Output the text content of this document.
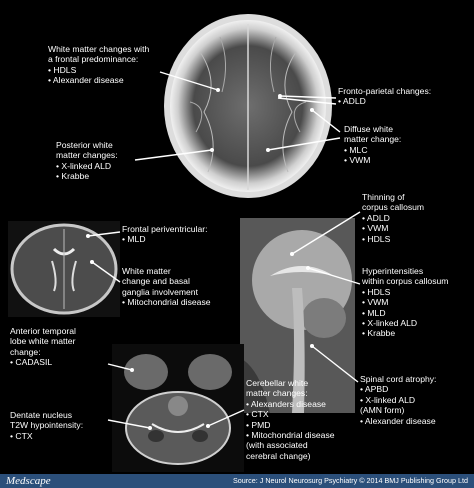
White matter changes with
a frontal predominance:
• HDLS
• Alexander disease
Fronto-parietal changes:
• ADLD
Diffuse white
matter change:
• MLC
• VWM
Posterior white
matter changes:
• X-linked ALD
• Krabbe
Frontal periventricular:
• MLD
White matter
change and basal
ganglia involvement
• Mitochondrial disease
Thinning of
corpus callosum
• ADLD
• VWM
• HDLS
Hyperintensities
within corpus callosum
• HDLS
• VWM
• MLD
• X-linked ALD
• Krabbe
Anterior temporal
lobe white matter
change:
• CADASIL
Dentate nucleus
T2W hypointensity:
• CTX
Cerebellar white
matter changes:
• Alexanders disease
• CTX
• PMD
• Mitochondrial disease
(with associated
cerebral change)
Spinal cord atrophy:
• APBD
• X-linked ALD
(AMN form)
• Alexander disease
Medscape	Source: J Neurol Neurosurg Psychiatry © 2014 BMJ Publishing Group Ltd
